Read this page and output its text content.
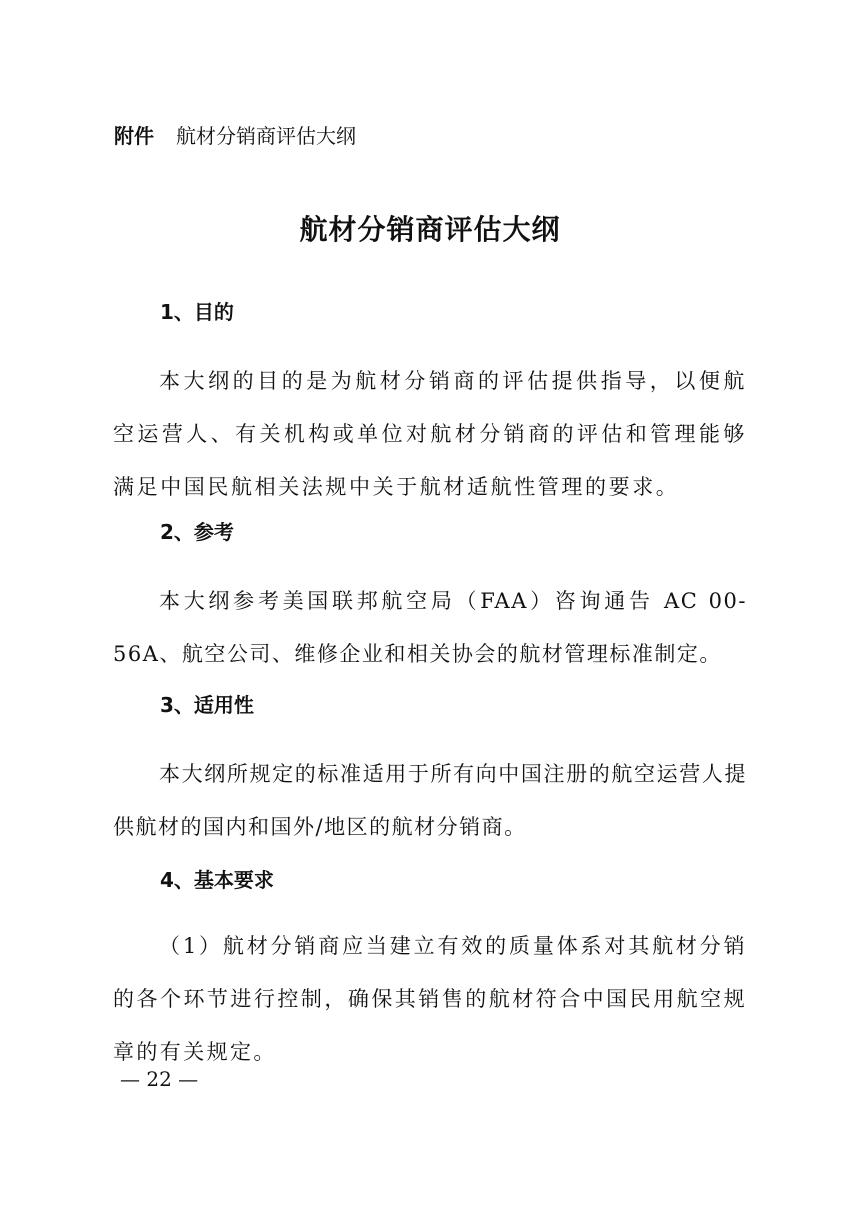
附件 航材分销商评估大纲
航材分销商评估大纲
1、目的

本大纲的目的是为航材分销商的评估提供指导，以便航空运营人、有关机构或单位对航材分销商的评估和管理能够满足中国民航相关法规中关于航材适航性管理的要求。

2、参考

本大纲参考美国联邦航空局（FAA）咨询通告 AC 00-56A、航空公司、维修企业和相关协会的航材管理标准制定。

3、适用性

本大纲所规定的标准适用于所有向中国注册的航空运营人提供航材的国内和国外/地区的航材分销商。

4、基本要求

（1）航材分销商应当建立有效的质量体系对其航材分销的各个环节进行控制，确保其销售的航材符合中国民用航空规章的有关规定。

— 22 —
